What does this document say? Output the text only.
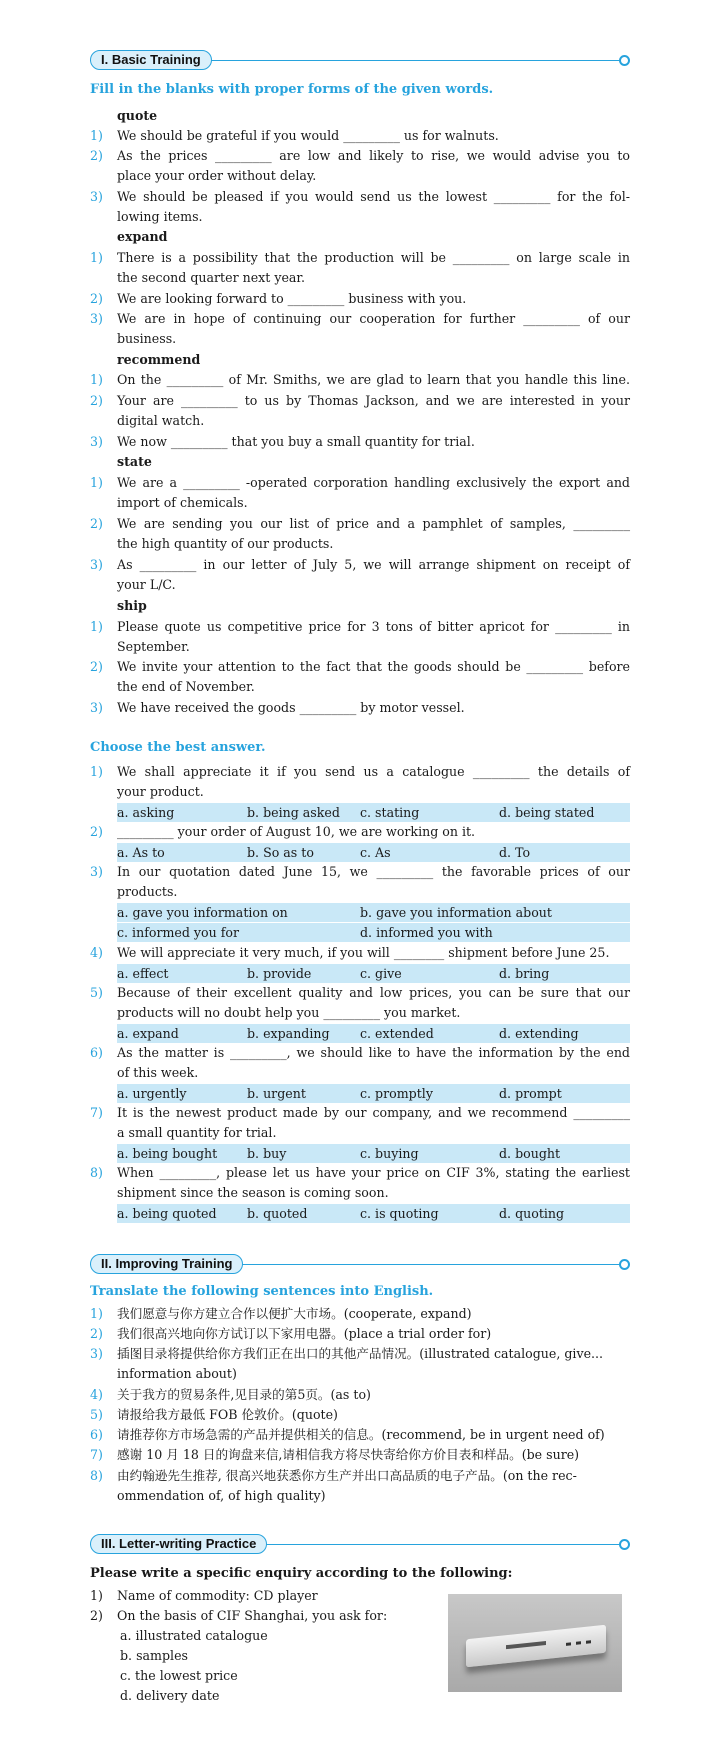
I. Basic Training
Fill in the blanks with proper forms of the given words.
quote
1)	We should be grateful if you would _________ us for walnuts.
2)	As the prices _________ are low and likely to rise, we would advise you to
place your order without delay.
3)	We should be pleased if you would send us the lowest _________ for the fol-
lowing items.
expand
1)	There is a possibility that the production will be _________ on large scale in
the second quarter next year.
2)	We are looking forward to _________ business with you.
3)	We are in hope of continuing our cooperation for further _________ of our
business.
recommend
1)	On the _________ of Mr. Smiths, we are glad to learn that you handle this line.
2)	Your are _________ to us by Thomas Jackson, and we are interested in your
digital watch.
3)	We now _________ that you buy a small quantity for trial.
state
1)	We are a _________ -operated corporation handling exclusively the export and
import of chemicals.
2)	We are sending you our list of price and a pamphlet of samples, _________
the high quantity of our products.
3)	As _________ in our letter of July 5, we will arrange shipment on receipt of
your L/C.
ship
1)	Please quote us competitive price for 3 tons of bitter apricot for _________ in
September.
2)	We invite your attention to the fact that the goods should be _________ before
the end of November.
3)	We have received the goods _________ by motor vessel.
Choose the best answer.
1)	We shall appreciate it if you send us a catalogue _________ the details of
your product.
a. asking	b. being asked c. stating	d. being stated
2)	_________ your order of August 10, we are working on it.
a. As to	b. So as to	c. As	d. To
3)	In our quotation dated June 15, we _________ the favorable prices of our
products.
a. gave you information on	b. gave you information about
c. informed you for	d. informed you with
4)	We will appreciate it very much, if you will ________ shipment before June 25.
a. effect	b. provide	c. give	d. bring
5)	Because of their excellent quality and low prices, you can be sure that our
products will no doubt help you _________ you market.
a. expand	b. expanding c. extended	d. extending
6)	As the matter is _________, we should like to have the information by the end
of this week.
a. urgently	b. urgent	c. promptly	d. prompt
7)	It is the newest product made by our company, and we recommend _________
a small quantity for trial.
a. being bought b. buy	c. buying	d. bought
8)	When _________, please let us have your price on CIF 3%, stating the earliest
shipment since the season is coming soon.
a. being quoted b. quoted	c. is quoting	d. quoting
II. Improving Training
Translate the following sentences into English.
1)	我们愿意与你方建立合作以便扩大市场。(cooperate, expand)
2)	我们很高兴地向你方试订以下家用电器。(place a trial order for)
3)	插图目录将提供给你方我们正在出口的其他产品情况。(illustrated catalogue, give...
information about)
4)	关于我方的贸易条件,见目录的第5页。(as to)
5)	请报给我方最低 FOB 伦敦价。(quote)
6)	请推荐你方市场急需的产品并提供相关的信息。(recommend, be in urgent need of)
7)	感谢 10 月 18 日的询盘来信,请相信我方将尽快寄给你方价目表和样品。(be sure)
8)	由约翰逊先生推荐, 很高兴地获悉你方生产并出口高品质的电子产品。(on the rec-
ommendation of, of high quality)
III. Letter-writing Practice
Please write a specific enquiry according to the following:
1)	Name of commodity: CD player
2)	On the basis of CIF Shanghai, you ask for:
a. illustrated catalogue
b. samples
c. the lowest price
d. delivery date
